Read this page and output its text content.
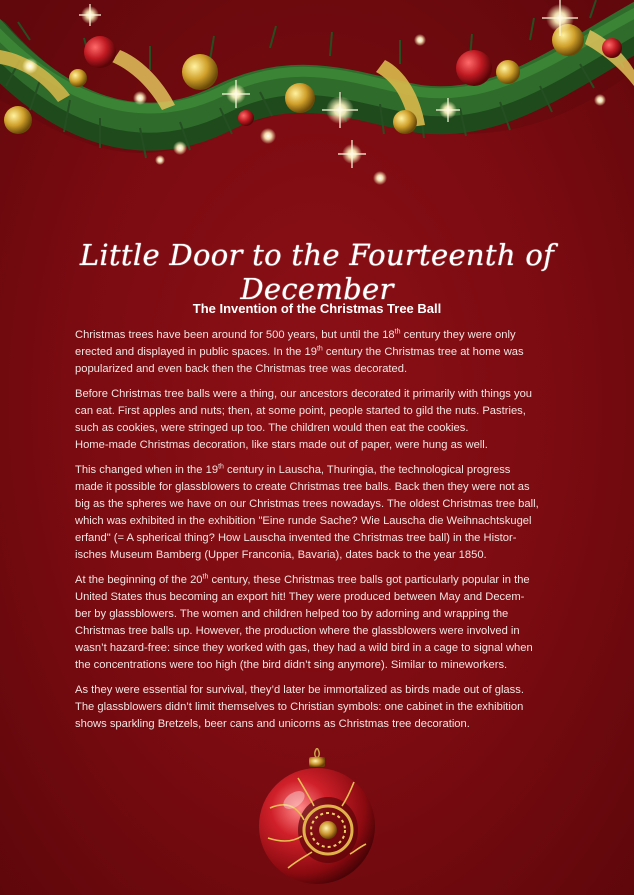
Little Door to the Fourteenth of December
The Invention of the Christmas Tree Ball

Christmas trees have been around for 500 years, but until the 18th century they were only
erected and displayed in public spaces. In the 19th century the Christmas tree at home was
popularized and even back then the Christmas tree was decorated.

Before Christmas tree balls were a thing, our ancestors decorated it primarily with things you
can eat. First apples and nuts; then, at some point, people started to gild the nuts. Pastries,
such as cookies, were stringed up too. The children would then eat the cookies.
Home-made Christmas decoration, like stars made out of paper, were hung as well.

This changed when in the 19th century in Lauscha, Thuringia, the technological progress
made it possible for glassblowers to create Christmas tree balls. Back then they were not as
big as the spheres we have on our Christmas trees nowadays. The oldest Christmas tree ball,
which was exhibited in the exhibition "Eine runde Sache? Wie Lauscha die Weihnachtskugel
erfand" (= A spherical thing? How Lauscha invented the Christmas tree ball) in the Histor-
isches Museum Bamberg (Upper Franconia, Bavaria), dates back to the year 1850.

At the beginning of the 20th century, these Christmas tree balls got particularly popular in the
United States thus becoming an export hit! They were produced between May and Decem-
ber by glassblowers. The women and children helped too by adorning and wrapping the
Christmas tree balls up. However, the production where the glassblowers were involved in
wasn’t hazard-free: since they worked with gas, they had a wild bird in a cage to signal when
the concentrations were too high (the bird didn’t sing anymore). Similar to mineworkers.

As they were essential for survival, they’d later be immortalized as birds made out of glass.
The glassblowers didn’t limit themselves to Christian symbols: one cabinet in the exhibition
shows sparkling Bretzels, beer cans and unicorns as Christmas tree decoration.
